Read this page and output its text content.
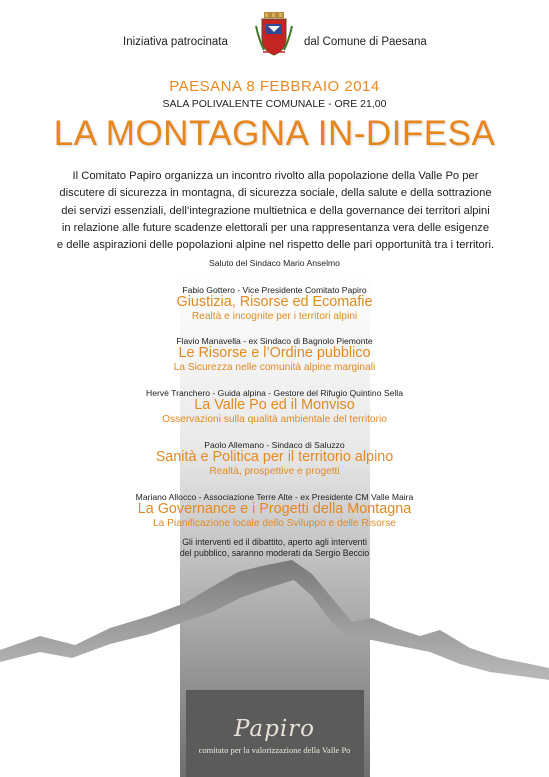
Iniziativa patrocinata	dal Comune di Paesana
PAESANA 8 FEBBRAIO 2014
SALA POLIVALENTE COMUNALE - ORE 21,00
LA MONTAGNA IN-DIFESA
Il Comitato Papiro organizza un incontro rivolto alla popolazione della Valle Po per
discutere di sicurezza in montagna, di sicurezza sociale, della salute e della sottrazione
dei servizi essenziali, dell’integrazione multietnica e della governance dei territori alpini
in relazione alle future scadenze elettorali per una rappresentanza vera delle esigenze
e delle aspirazioni delle popolazioni alpine nel rispetto delle pari opportunità tra i territori.
Saluto del Sindaco Mario Anselmo
Fabio Gottero - Vice Presidente Comitato Papiro
Giustizia, Risorse ed Ecomafie
Realtà e incognite per i territori alpini
Flavio Manavella - ex Sindaco di Bagnolo Piemonte
Le Risorse e l’Ordine pubblico
La Sicurezza nelle comunità alpine marginali
Hervè Tranchero - Guida alpina - Gestore del Rifugio Quintino Sella
La Valle Po ed il Monviso
Osservazioni sulla qualità ambientale del territorio
Paolo Allemano - Sindaco di Saluzzo
Sanità e Politica per il territorio alpino
Realtà, prospettive e progetti
Mariano Allocco - Associazione Terre Alte - ex Presidente CM Valle Maira
La Governance e i Progetti della Montagna
La Pianificazione locale dello Sviluppo e delle Risorse
Gli interventi ed il dibattito, aperto agli interventi
del pubblico, saranno moderati da Sergio Beccio
Papiro
comitato per la valorizzazione della Valle Po
